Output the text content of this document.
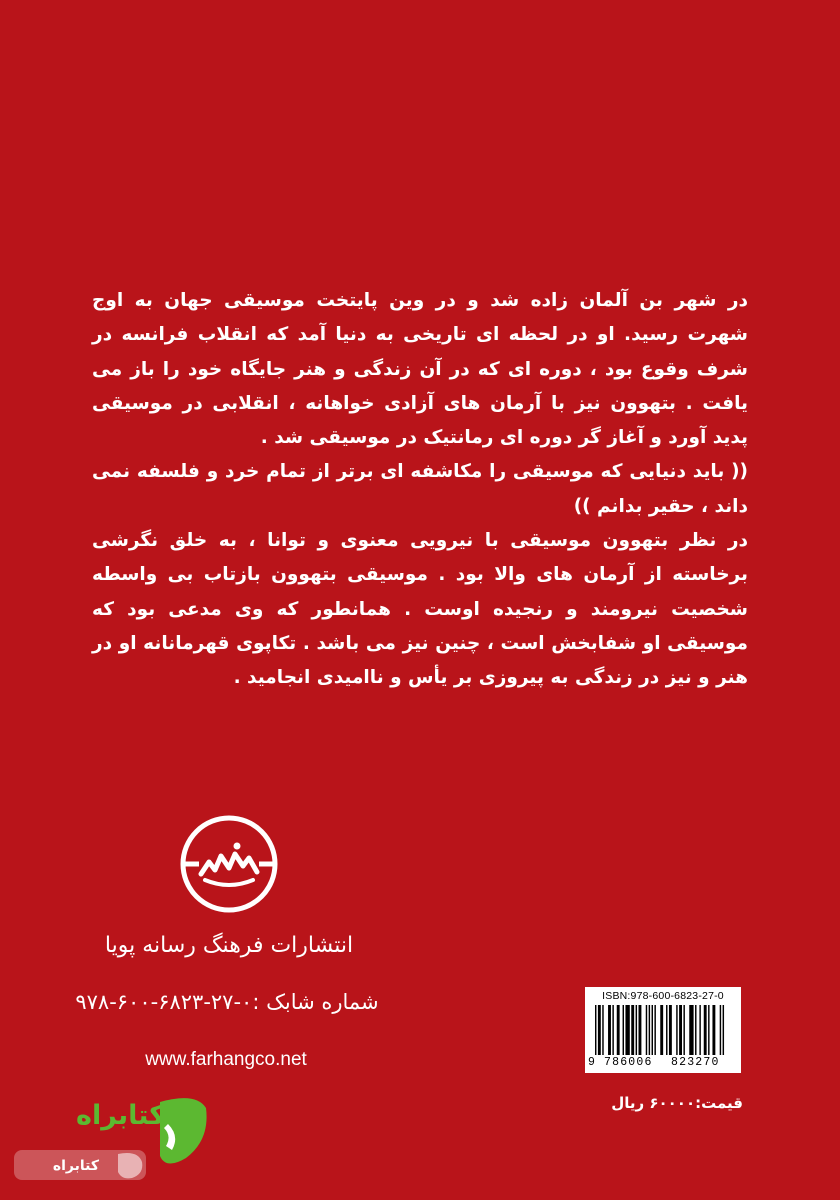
در شهر بن آلمان زاده شد و در وین پایتخت موسیقی جهان به اوج شهرت رسید. او در لحظه ای تاریخی به دنیا آمد که انقلاب فرانسه در شرف وقوع بود ، دوره ای که در آن زندگی و هنر جایگاه خود را باز می یافت . بتهوون نیز با آرمان های آزادی خواهانه ، انقلابی در موسیقی پدید آورد و آغاز گر دوره ای رمانتیک در موسیقی شد .

(( باید دنیایی که موسیقی را مکاشفه ای برتر از تمام خرد و فلسفه نمی داند ، حقیر بدانم ))

در نظر بتهوون موسیقی با نیرویی معنوی و توانا ، به خلق نگرشی برخاسته از آرمان های والا بود . موسیقی بتهوون بازتاب بی واسطه شخصیت نیرومند و رنجیده اوست . همانطور که وی مدعی بود که موسیقی او شفابخش است ، چنین نیز می باشد . تکاپوی قهرمانانه او در هنر و نیز در زندگی به پیروزی بر یأس و ناامیدی انجامید .

انتشارات فرهنگ رسانه پویا
شماره شابک :۰-۲۷-۶۸۲۳-۶۰۰-۹۷۸
www.farhangco.net
ISBN:978-600-6823-27-0
9 786006 823270
قیمت:۶۰۰۰۰ ریال
کتابراه
کتابراه
